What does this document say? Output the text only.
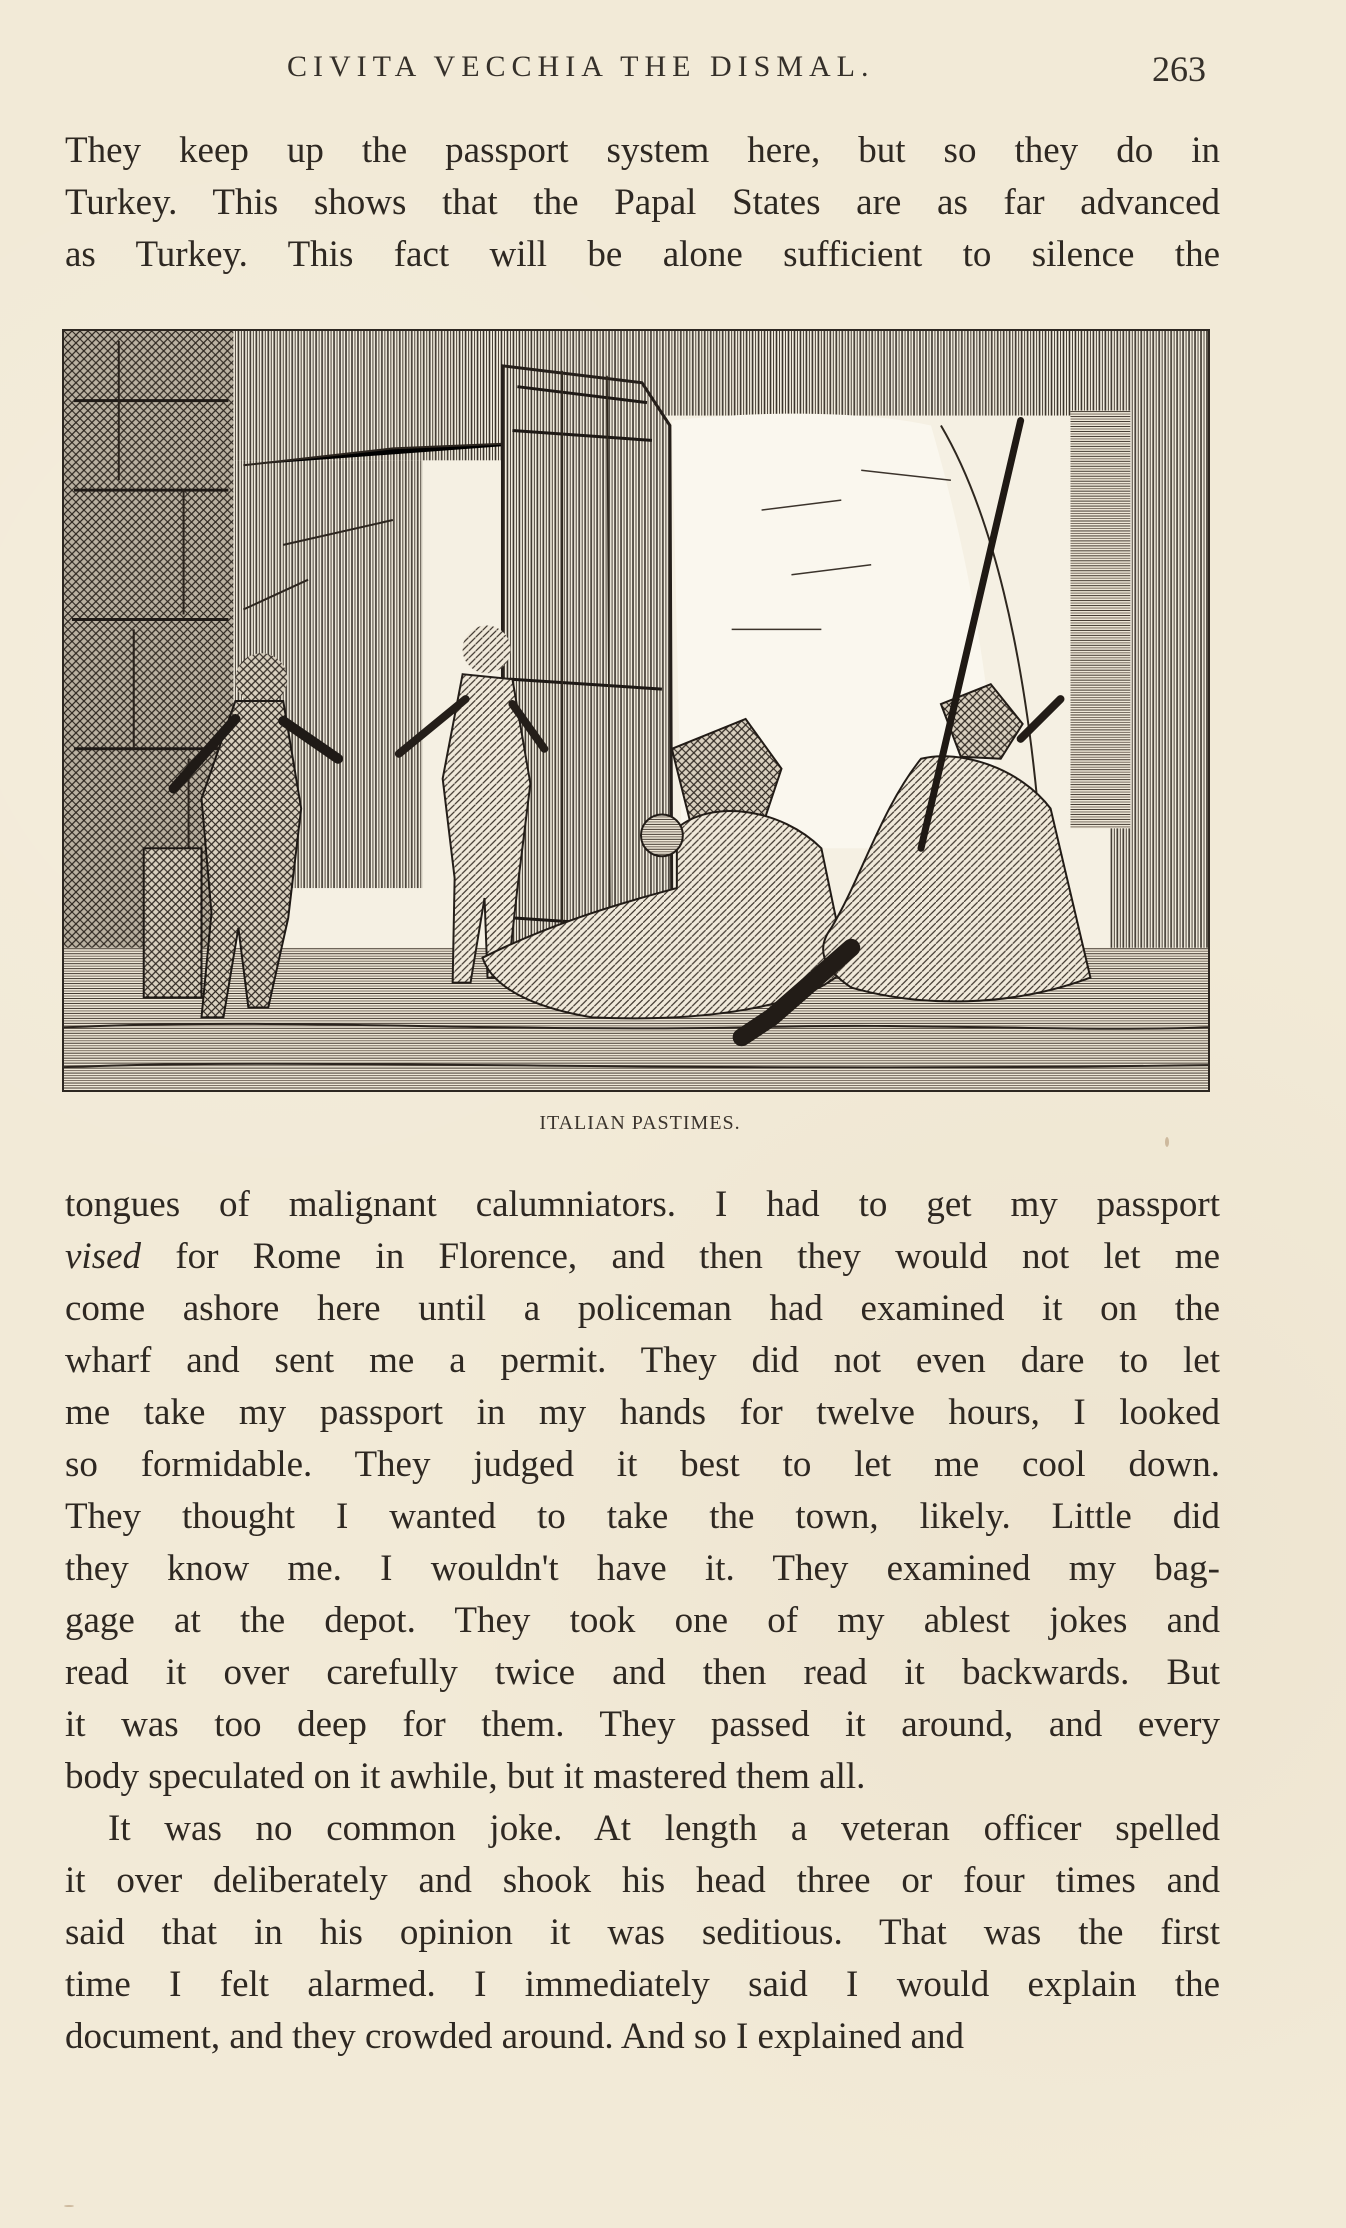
CIVITA VECCHIA THE DISMAL.	263
They keep up the passport system here, but so they do in
Turkey. This shows that the Papal States are as far advanced
as Turkey. This fact will be alone sufficient to silence the
ITALIAN PASTIMES.
tongues of malignant calumniators. I had to get my passport
vised for Rome in Florence, and then they would not let me
come ashore here until a policeman had examined it on the
wharf and sent me a permit. They did not even dare to let
me take my passport in my hands for twelve hours, I looked
so formidable. They judged it best to let me cool down.
They thought I wanted to take the town, likely. Little did
they know me. I wouldn't have it. They examined my bag-
gage at the depot. They took one of my ablest jokes and
read it over carefully twice and then read it backwards. But
it was too deep for them. They passed it around, and every
body speculated on it awhile, but it mastered them all.
It was no common joke. At length a veteran officer spelled
it over deliberately and shook his head three or four times and
said that in his opinion it was seditious. That was the first
time I felt alarmed. I immediately said I would explain the
document, and they crowded around. And so I explained and
